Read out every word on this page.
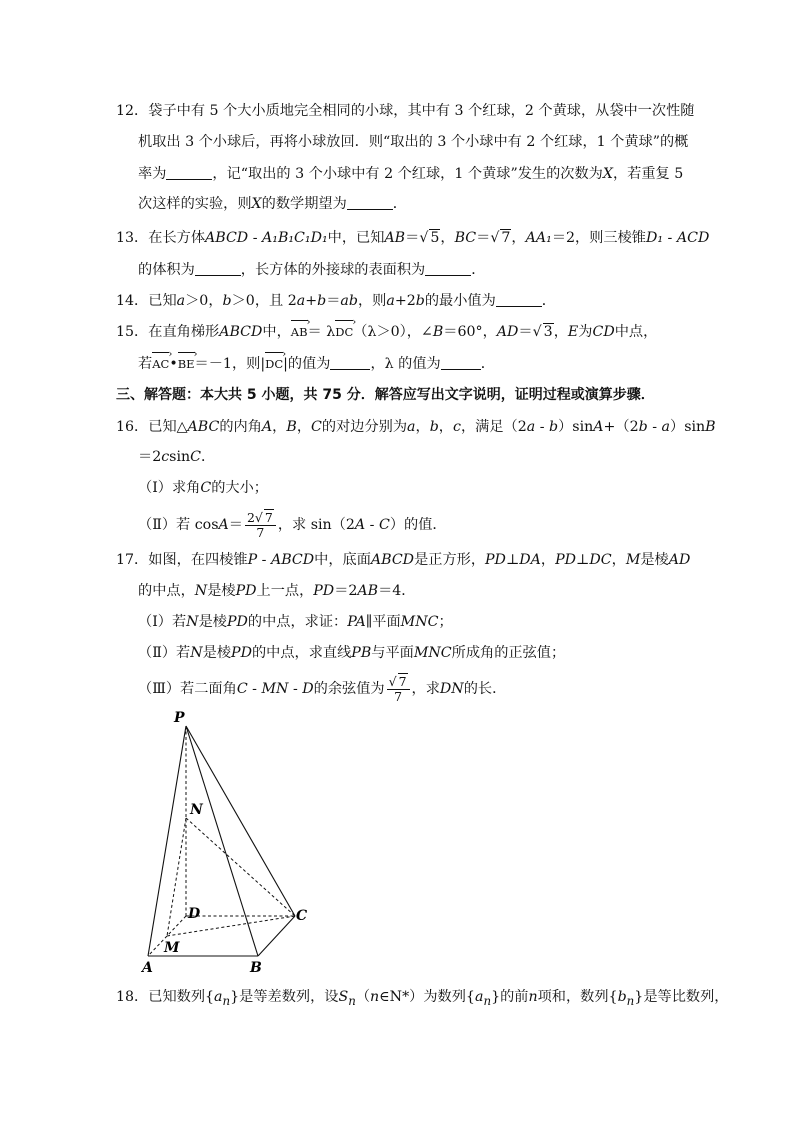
12．袋子中有 5 个大小质地完全相同的小球，其中有 3 个红球，2 个黄球，从袋中一次性随
机取出 3 个小球后，再将小球放回．则“取出的 3 个小球中有 2 个红球，1 个黄球”的概
率为	，记“取出的 3 个小球中有 2 个红球，1 个黄球”发生的次数为X，若重复 5
次这样的实验，则X的数学期望为	．
13．在长方体ABCD - A₁B₁C₁D₁中，已知AB＝√ 5，BC＝√ 7，AA₁＝2，则三棱锥D₁ - ACD
的体积为	，长方体的外接球的表面积为	．
14．已知a＞0，b＞0，且 2a+b＝ab，则a+2b的最小值为	．
15．在直角梯形ABCD中，AB ›＝ λDC ›（λ＞0），∠B＝60°，AD＝√ 3，E为CD中点，
若AC ›•BE ›＝－1，则|DC ›|的值为	，λ 的值为	．
三、解答题：本大共 5 小题，共 75 分．解答应写出文字说明，证明过程或演算步骤．
16．已知△ABC的内角A，B，C的对边分别为a，b，c，满足（2a - b）sinA+（2b - a）sinB
＝2csinC．
（Ⅰ）求角C的大小；
（Ⅱ）若 $\cos A= \frac{2√ 7}{7}$ ，求 sin（2A - C）的值．
17．如图，在四棱锥P - ABCD中，底面ABCD是正方形，PD⊥DA，PD⊥DC，M是棱AD
的中点，N是棱PD上一点，PD＝2AB＝4．
（Ⅰ）若N是棱PD的中点，求证：PA∥平面MNC；
（Ⅱ）若N是棱PD的中点，求直线PB与平面MNC所成角的正弦值；
（Ⅲ）若二面角C - MN - D的余弦值为 $\frac{√ 7}{7}$ ，求DN的长．
P
N
D	C
M
A	B
18．已知数列$\{a_n\}$是等差数列，设$S_n(n\in N*)$为数列$\{a_n\}$的前n项和，数列$\{b_n\}$是等比数列，
